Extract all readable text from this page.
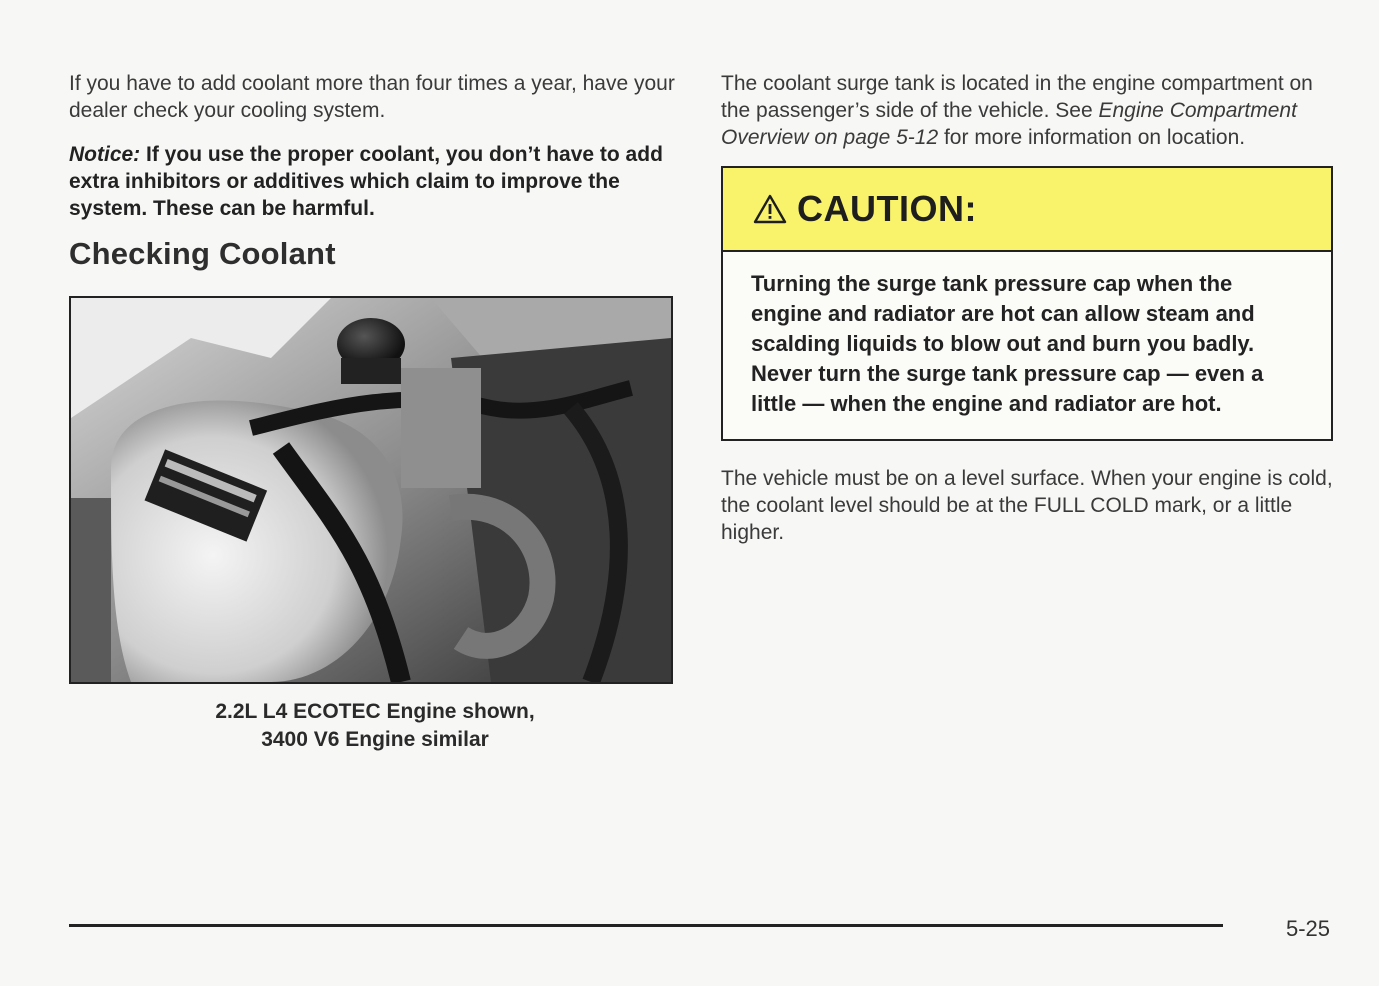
If you have to add coolant more than four times a year, have your dealer check your cooling system.

Notice: If you use the proper coolant, you don’t have to add extra inhibitors or additives which claim to improve the system. These can be harmful.

Checking Coolant
2.2L L4 ECOTEC Engine shown,
3400 V6 Engine similar

The coolant surge tank is located in the engine compartment on the passenger’s side of the vehicle. See Engine Compartment Overview on page 5-12 for more information on location.

CAUTION:
Turning the surge tank pressure cap when the engine and radiator are hot can allow steam and scalding liquids to blow out and burn you badly. Never turn the surge tank pressure cap — even a little — when the engine and radiator are hot.

The vehicle must be on a level surface. When your engine is cold, the coolant level should be at the FULL COLD mark, or a little higher.

5-25
